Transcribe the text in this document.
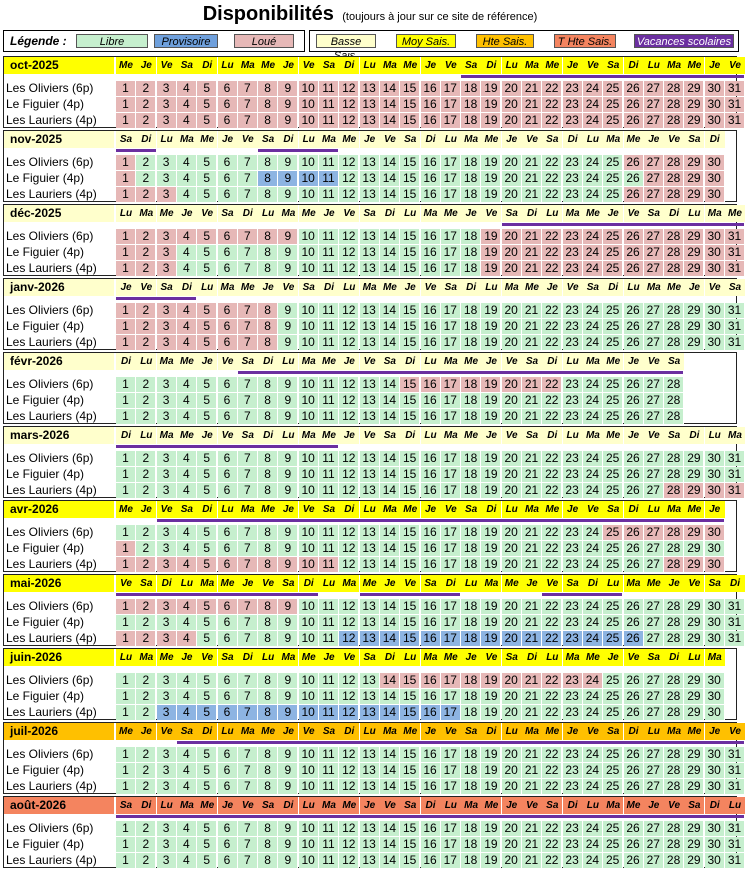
Disponibilités (toujours à jour sur ce site de référence)
Légende :	Libre	Provisoire	Loué	Basse	Moy Sais.	Hte Sais.	T Hte Sais.	Vacances scolaires
oct-2025	Me Je Ve Sa Di Lu Ma Me Je Ve Sa Di Lu Ma Me Je Ve Sa Di Lu Ma Me Je Ve Sa Di Lu Ma Me Je Ve
Les Oliviers (6p)	1	2	3	4	5	6	7	8	9 10 11 12 13 14 15 16 17 18 19 20 21 22 23 24 25 26 27 28 29 30 31
Le Figuier (4p)	1	2	3	4	5	6	7	8	9 10 11 12 13 14 15 16 17 18 19 20 21 22 23 24 25 26 27 28 29 30 31
Les Lauriers (4p)	1	2	3	4	5	6	7	8	9 10 11 12 13 14 15 16 17 18 19 20 21 22 23 24 25 26 27 28 29 30 31
nov-2025	Sa Di Lu Ma Me Je Ve Sa Di Lu Ma Me Je Ve Sa Di Lu Ma Me Je Ve Sa Di Lu Ma Me Je Ve Sa Di
Les Oliviers (6p)	1	2	3	4	5	6	7	8	9 10 11 12 13 14 15 16 17 18 19 20 21 22 23 24 25 26 27 28 29 30
Le Figuier (4p)	1	2	3	4	5	6	7	8	9 10 11 12 13 14 15 16 17 18 19 20 21 22 23 24 25 26 27 28 29 30
Les Lauriers (4p)	1	2	3	4	5	6	7	8	9 10 11 12 13 14 15 16 17 18 19 20 21 22 23 24 25 26 27 28 29 30
déc-2025	Lu Ma Me Je Ve Sa Di Lu Ma Me Je Ve Sa Di Lu Ma Me Je Ve Sa Di Lu Ma Me Je Ve Sa Di Lu Ma Me
Les Oliviers (6p)	1	2	3	4	5	6	7	8	9 10 11 12 13 14 15 16 17 18 19 20 21 22 23 24 25 26 27 28 29 30 31
Le Figuier (4p)	1	2	3	4	5	6	7	8	9 10 11 12 13 14 15 16 17 18 19 20 21 22 23 24 25 26 27 28 29 30 31
Les Lauriers (4p)	1	2	3	4	5	6	7	8	9 10 11 12 13 14 15 16 17 18 19 20 21 22 23 24 25 26 27 28 29 30 31
janv-2026	Je Ve Sa Di Lu Ma Me Je Ve Sa Di Lu Ma Me Je Ve Sa Di Lu Ma Me Je Ve Sa Di Lu Ma Me Je Ve Sa
Les Oliviers (6p)	1	2	3	4	5	6	7	8	9 10 11 12 13 14 15 16 17 18 19 20 21 22 23 24 25 26 27 28 29 30 31
Le Figuier (4p)	1	2	3	4	5	6	7	8	9 10 11 12 13 14 15 16 17 18 19 20 21 22 23 24 25 26 27 28 29 30 31
Les Lauriers (4p)	1	2	3	4	5	6	7	8	9 10 11 12 13 14 15 16 17 18 19 20 21 22 23 24 25 26 27 28 29 30 31
févr-2026	Di Lu Ma Me Je Ve Sa Di Lu Ma Me Je Ve Sa Di Lu Ma Me Je Ve Sa Di Lu Ma Me Je Ve Sa
Les Oliviers (6p)	1	2	3	4	5	6	7	8	9 10 11 12 13 14 15 16 17 18 19 20 21 22 23 24 25 26 27 28
Le Figuier (4p)	1	2	3	4	5	6	7	8	9 10 11 12 13 14 15 16 17 18 19 20 21 22 23 24 25 26 27 28
Les Lauriers (4p)	1	2	3	4	5	6	7	8	9 10 11 12 13 14 15 16 17 18 19 20 21 22 23 24 25 26 27 28
mars-2026	Di Lu Ma Me Je Ve Sa Di Lu Ma Me Je Ve Sa Di Lu Ma Me Je Ve Sa Di Lu Ma Me Je Ve Sa Di Lu Ma
Les Oliviers (6p)	1	2	3	4	5	6	7	8	9 10 11 12 13 14 15 16 17 18 19 20 21 22 23 24 25 26 27 28 29 30 31
Le Figuier (4p)	1	2	3	4	5	6	7	8	9 10 11 12 13 14 15 16 17 18 19 20 21 22 23 24 25 26 27 28 29 30 31
Les Lauriers (4p)	1	2	3	4	5	6	7	8	9 10 11 12 13 14 15 16 17 18 19 20 21 22 23 24 25 26 27 28 29 30 31
avr-2026	Me Je Ve Sa Di Lu Ma Me Je Ve Sa Di Lu Ma Me Je Ve Sa Di Lu Ma Me Je Ve Sa Di Lu Ma Me Je
Les Oliviers (6p)	1	2	3	4	5	6	7	8	9 10 11 12 13 14 15 16 17 18 19 20 21 22 23 24 25 26 27 28 29 30
Le Figuier (4p)	1	2	3	4	5	6	7	8	9 10 11 12 13 14 15 16 17 18 19 20 21 22 23 24 25 26 27 28 29 30
Les Lauriers (4p)	1	2	3	4	5	6	7	8	9 10 11 12 13 14 15 16 17 18 19 20 21 22 23 24 25 26 27 28 29 30
mai-2026	Ve Sa Di Lu Ma Me Je Ve Sa Di Lu Ma Me Je Ve Sa Di Lu Ma Me Je Ve Sa Di Lu Ma Me Je Ve Sa Di
Les Oliviers (6p)	1	2	3	4	5	6	7	8	9 10 11 12 13 14 15 16 17 18 19 20 21 22 23 24 25 26 27 28 29 30 31
Le Figuier (4p)	1	2	3	4	5	6	7	8	9 10 11 12 13 14 15 16 17 18 19 20 21 22 23 24 25 26 27 28 29 30 31
Les Lauriers (4p)	1	2	3	4	5	6	7	8	9 10 11 12 13 14 15 16 17 18 19 20 21 22 23 24 25 26 27 28 29 30 31
juin-2026	Lu Ma Me Je Ve Sa Di Lu Ma Me Je Ve Sa Di Lu Ma Me Je Ve Sa Di Lu Ma Me Je Ve Sa Di Lu Ma
Les Oliviers (6p)	1	2	3	4	5	6	7	8	9 10 11 12 13 14 15 16 17 18 19 20 21 22 23 24 25 26 27 28 29 30
Le Figuier (4p)	1	2	3	4	5	6	7	8	9 10 11 12 13 14 15 16 17 18 19 20 21 22 23 24 25 26 27 28 29 30
Les Lauriers (4p)	1	2	3	4	5	6	7	8	9 10 11 12 13 14 15 16 17 18 19 20 21 22 23 24 25 26 27 28 29 30
juil-2026	Me Je Ve Sa Di Lu Ma Me Je Ve Sa Di Lu Ma Me Je Ve Sa Di Lu Ma Me Je Ve Sa Di Lu Ma Me Je Ve
Les Oliviers (6p)	1	2	3	4	5	6	7	8	9 10 11 12 13 14 15 16 17 18 19 20 21 22 23 24 25 26 27 28 29 30 31
Le Figuier (4p)	1	2	3	4	5	6	7	8	9 10 11 12 13 14 15 16 17 18 19 20 21 22 23 24 25 26 27 28 29 30 31
Les Lauriers (4p)	1	2	3	4	5	6	7	8	9 10 11 12 13 14 15 16 17 18 19 20 21 22 23 24 25 26 27 28 29 30 31
août-2026	Sa Di Lu Ma Me Je Ve Sa Di Lu Ma Me Je Ve Sa Di Lu Ma Me Je Ve Sa Di Lu Ma Me Je Ve Sa Di Lu
Les Oliviers (6p)	1	2	3	4	5	6	7	8	9 10 11 12 13 14 15 16 17 18 19 20 21 22 23 24 25 26 27 28 29 30 31
Le Figuier (4p)	1	2	3	4	5	6	7	8	9 10 11 12 13 14 15 16 17 18 19 20 21 22 23 24 25 26 27 28 29 30 31
Les Lauriers (4p)	1	2	3	4	5	6	7	8	9 10 11 12 13 14 15 16 17 18 19 20 21 22 23 24 25 26 27 28 29 30 31
